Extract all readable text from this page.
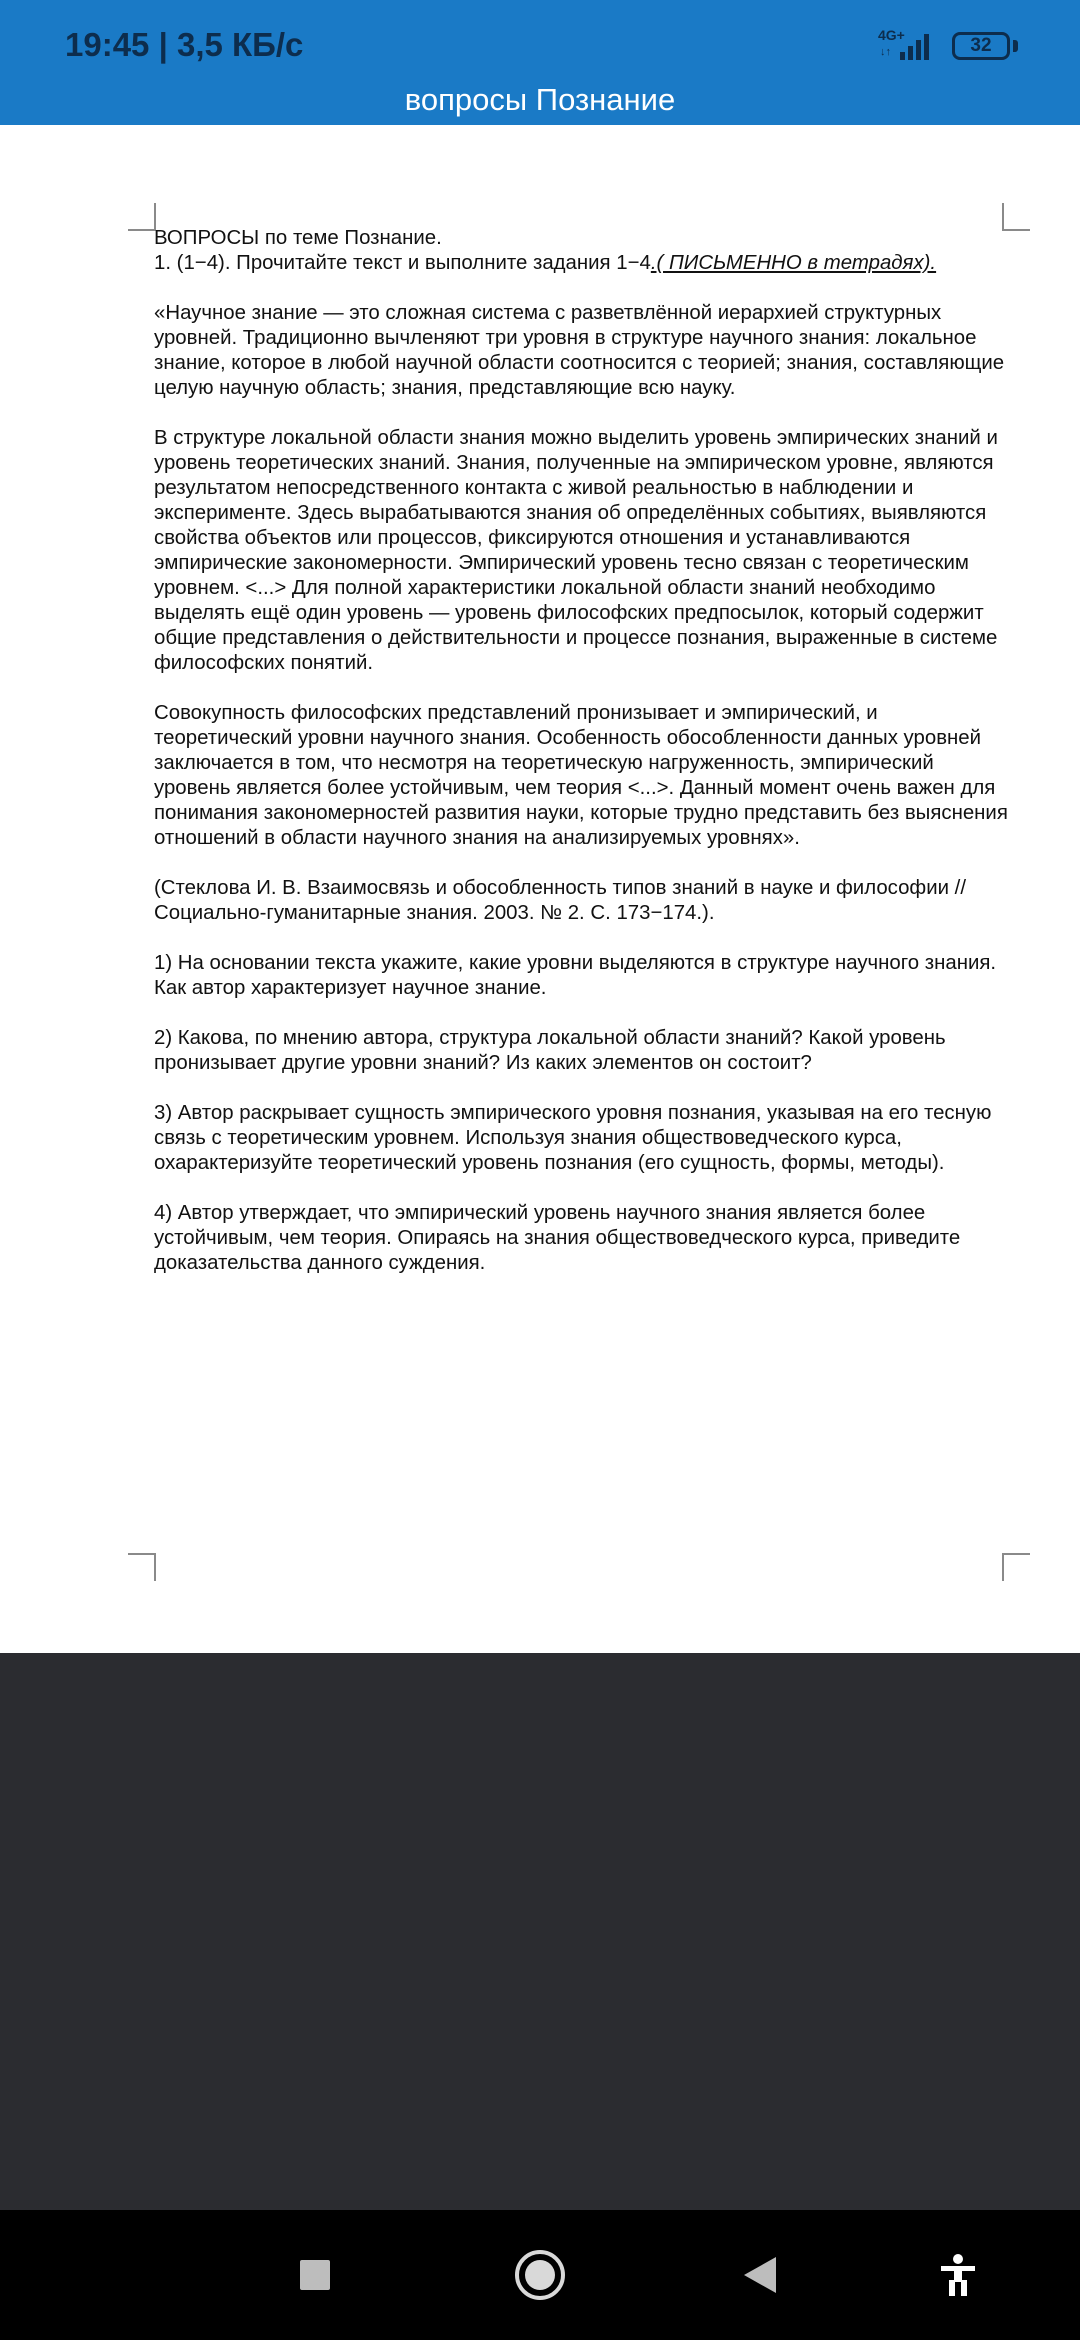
19:45 | 3,5 КБ/с	4G+
↓↑	32
вопросы Познание
ВОПРОСЫ по теме Познание.

1. (1−4). Прочитайте текст и выполните задания 1−4.( ПИСЬМЕННО в тетрадях).

«Научное знание — это сложная система с разветвлённой иерархией структурных уровней. Традиционно вычленяют три уровня в структуре научного знания: локальное знание, которое в любой научной области соотносится с теорией; знания, составляющие целую научную область; знания, представляющие всю науку.

В структуре локальной области знания можно выделить уровень эмпирических знаний и уровень теоретических знаний. Знания, полученные на эмпирическом уровне, являются результатом непосредственного контакта с живой реальностью в наблюдении и эксперименте. Здесь вырабатываются знания об определённых событиях, выявляются свойства объектов или процессов, фиксируются отношения и устанавливаются эмпирические закономерности. Эмпирический уровень тесно связан с теоретическим уровнем. <...> Для полной характеристики локальной области знаний необходимо выделять ещё один уровень — уровень философских предпосылок, который содержит общие представления о действительности и процессе познания, выраженные в системе философских понятий.

Совокупность философских представлений пронизывает и эмпирический, и теоретический уровни научного знания. Особенность обособленности данных уровней заключается в том, что несмотря на теоретическую нагруженность, эмпирический уровень является более устойчивым, чем теория <...>. Данный момент очень важен для понимания закономерностей развития науки, которые трудно представить без выяснения отношений в области научного знания на анализируемых уровнях».

(Стеклова И. В. Взаимосвязь и обособленность типов знаний в науке и философии // Социально-гуманитарные знания. 2003. № 2. С. 173−174.).

1) На основании текста укажите, какие уровни выделяются в структуре научного знания. Как автор характеризует научное знание.

2) Какова, по мнению автора, структура локальной области знаний? Какой уровень пронизывает другие уровни знаний? Из каких элементов он состоит?

3) Автор раскрывает сущность эмпирического уровня познания, указывая на его тесную связь с теоретическим уровнем. Используя знания обществоведческого курса, охарактеризуйте теоретический уровень познания (его сущность, формы, методы).

4) Автор утверждает, что эмпирический уровень научного знания является более устойчивым, чем теория. Опираясь на знания обществоведческого курса, приведите доказательства данного суждения.
